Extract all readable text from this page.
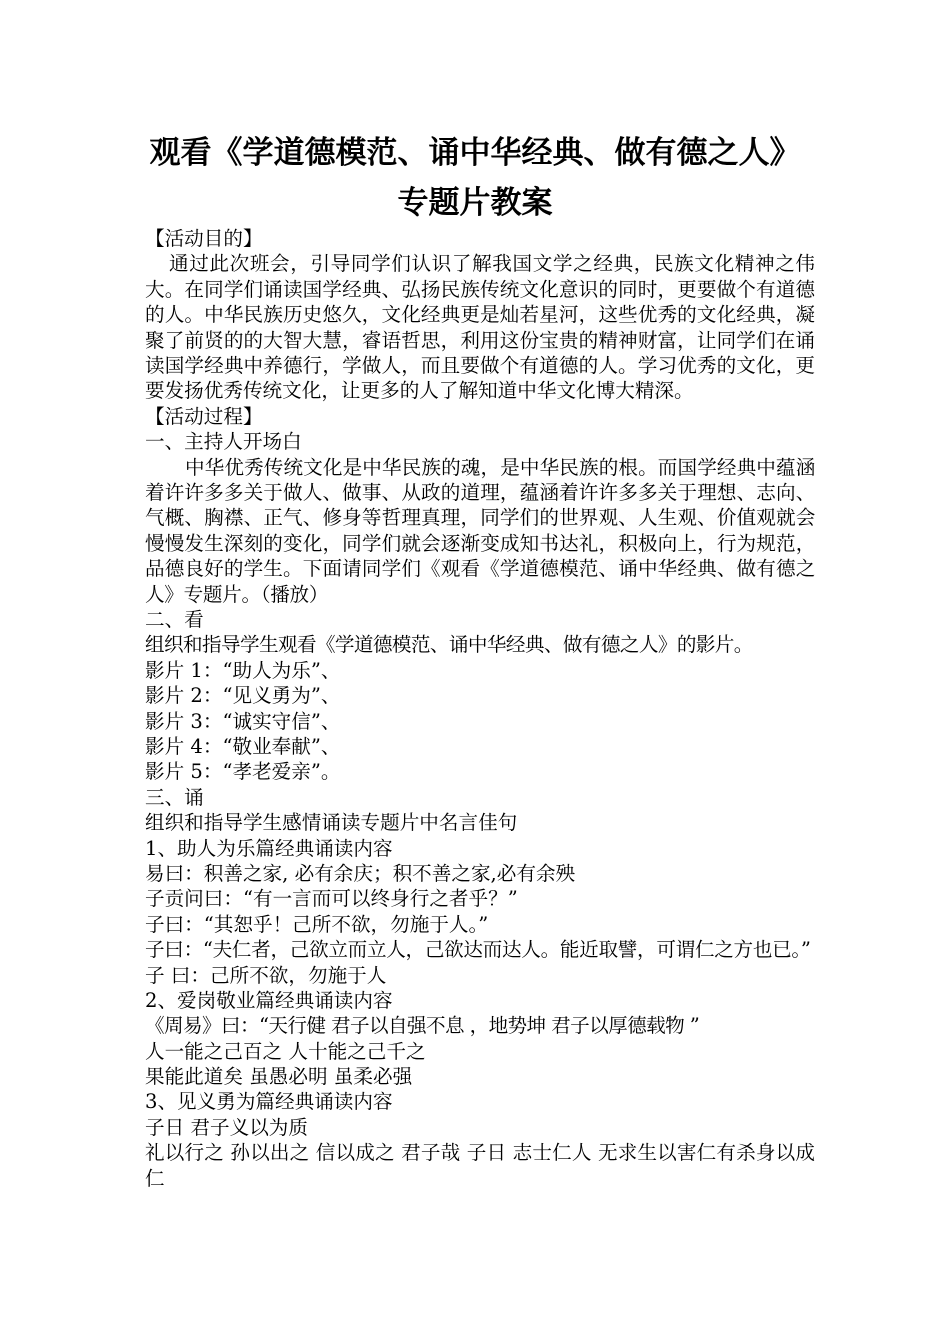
观看《学道德模范、诵中华经典、做有德之人》
专题片教案
【活动目的】
通过此次班会，引导同学们认识了解我国文学之经典，民族文化精神之伟大。在同学们诵读国学经典、弘扬民族传统文化意识的同时，更要做个有道德的人。中华民族历史悠久，文化经典更是灿若星河，这些优秀的文化经典，凝聚了前贤的的大智大慧，睿语哲思，利用这份宝贵的精神财富，让同学们在诵读国学经典中养德行，学做人，而且要做个有道德的人。学习优秀的文化，更要发扬优秀传统文化，让更多的人了解知道中华文化博大精深。
【活动过程】
一、主持人开场白
中华优秀传统文化是中华民族的魂，是中华民族的根。而国学经典中蕴涵着许许多多关于做人、做事、从政的道理，蕴涵着许许多多关于理想、志向、气概、胸襟、正气、修身等哲理真理，同学们的世界观、人生观、价值观就会慢慢发生深刻的变化，同学们就会逐渐变成知书达礼，积极向上，行为规范，品德良好的学生。下面请同学们《观看《学道德模范、诵中华经典、做有德之人》专题片。（播放）
二、看
组织和指导学生观看《学道德模范、诵中华经典、做有德之人》的影片。
影片 1：“助人为乐”、
影片 2：“见义勇为”、
影片 3：“诚实守信”、
影片 4：“敬业奉献”、
影片 5：“孝老爱亲”。
三、诵
组织和指导学生感情诵读专题片中名言佳句
1、助人为乐篇经典诵读内容
易曰：积善之家, 必有余庆；积不善之家,必有余殃
子贡问曰：“有一言而可以终身行之者乎？”
子曰：“其恕乎！己所不欲，勿施于人。”
子曰：“夫仁者，己欲立而立人，己欲达而达人。能近取譬，可谓仁之方也已。”
子 曰：己所不欲，勿施于人
2、爱岗敬业篇经典诵读内容
《周易》曰：“天行健 君子以自强不息 ，地势坤 君子以厚德载物 ”
人一能之己百之 人十能之己千之
果能此道矣 虽愚必明 虽柔必强
3、见义勇为篇经典诵读内容
子日 君子义以为质
礼以行之 孙以出之 信以成之 君子哉 子日 志士仁人 无求生以害仁有杀身以成仁
